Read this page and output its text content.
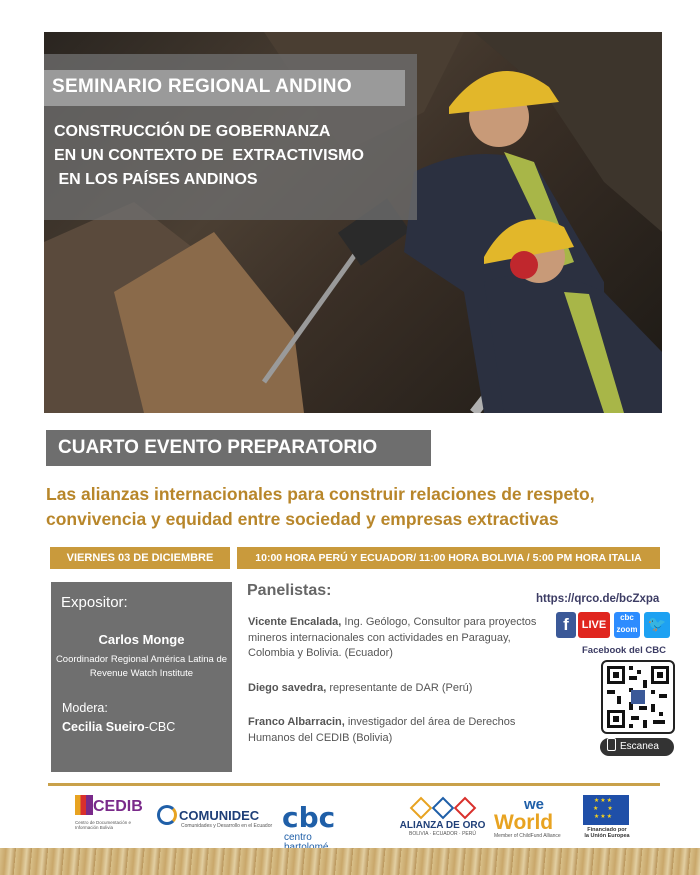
SEMINARIO REGIONAL ANDINO
CONSTRUCCIÓN DE GOBERNANZA
EN UN CONTEXTO DE  EXTRACTIVISMO
EN LOS PAÍSES ANDINOS
CUARTO EVENTO PREPARATORIO
Las alianzas internacionales para construir relaciones de respeto, convivencia y equidad entre sociedad y empresas extractivas
VIERNES 03 DE DICIEMBRE	10:00 HORA PERÚ Y ECUADOR/ 11:00 HORA BOLIVIA / 5:00 PM HORA ITALIA
Expositor:
Carlos Monge
Coordinador Regional América Latina de Revenue Watch Institute
Modera:
Cecilia Sueiro-CBC
Panelistas:
Vicente Encalada, Ing. Geólogo, Consultor para proyectos mineros internacionales con actividades en Paraguay, Colombia y Bolivia. (Ecuador)
Diego savedra, representante de DAR (Perú)
Franco Albarracin, investigador del área de Derechos Humanos del CEDIB (Bolivia)
https://qrco.de/bcZxpa
f	LIVE
cbc
zoom 🐦
Facebook del CBC
Escanea
CEDIB
Centro de Documentación e Información Bolivia
COMUNIDEC
Comunidades y Desarrollo en el Ecuador cbc
centro
ALIANZA DE ORO
BOLIVIA · ECUADOR · PERÚ
we
World
Member of ChildFund Alliance
★★★
★   ★
★★★
Financiado por
la Unión Europea
